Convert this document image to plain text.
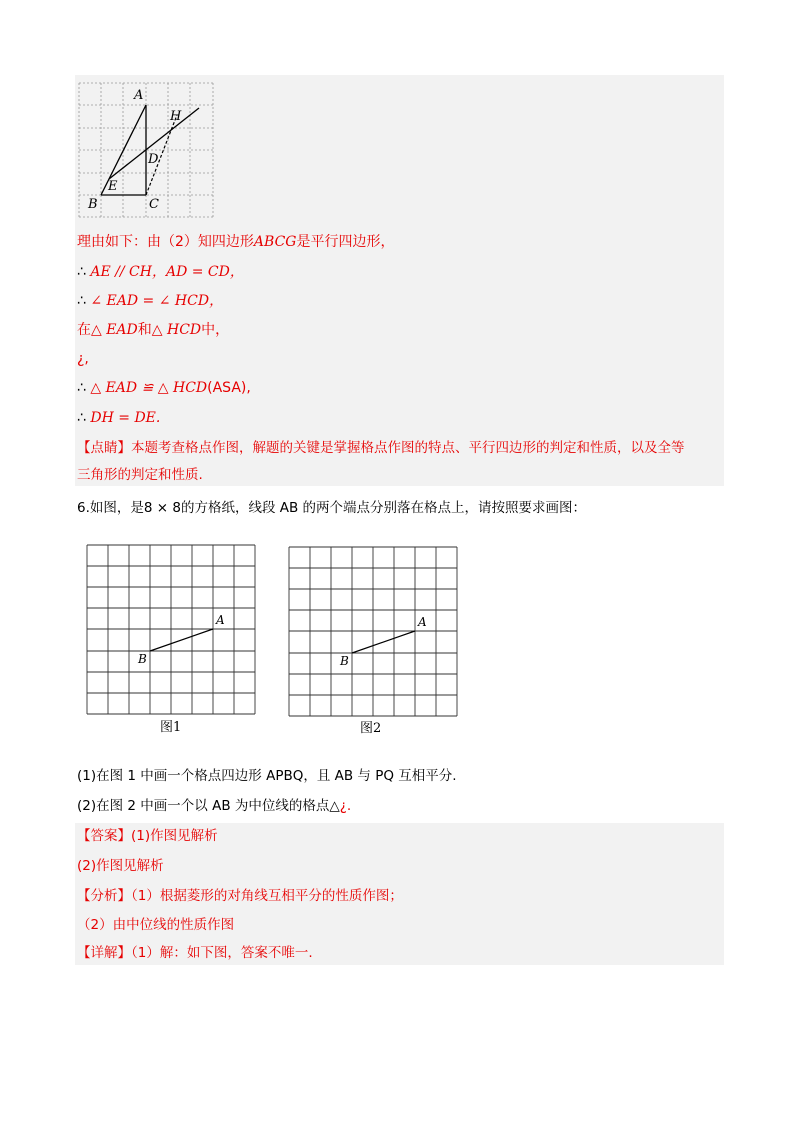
A
H
D
E
B	C
理由如下：由（2）知四边形ABCG是平行四边形，
∴ AE // CH，AD = CD，
∴ ∠ EAD = ∠ HCD，
在△ EAD和△ HCD中，
¿,
∴ △ EAD ≌ △ HCD(ASA),
∴ DH = DE.
【点睛】本题考查格点作图，解题的关键是掌握格点作图的特点、平行四边形的判定和性质，以及全等
三角形的判定和性质.
6.如图，是8 × 8的方格纸，线段 AB 的两个端点分别落在格点上，请按照要求画图：
A
B
图1
A
B
图2
(1)在图 1 中画一个格点四边形 APBQ，且 AB 与 PQ 互相平分.
(2)在图 2 中画一个以 AB 为中位线的格点△¿.
【答案】(1)作图见解析
(2)作图见解析
【分析】（1）根据菱形的对角线互相平分的性质作图；
（2）由中位线的性质作图
【详解】（1）解：如下图，答案不唯一.
